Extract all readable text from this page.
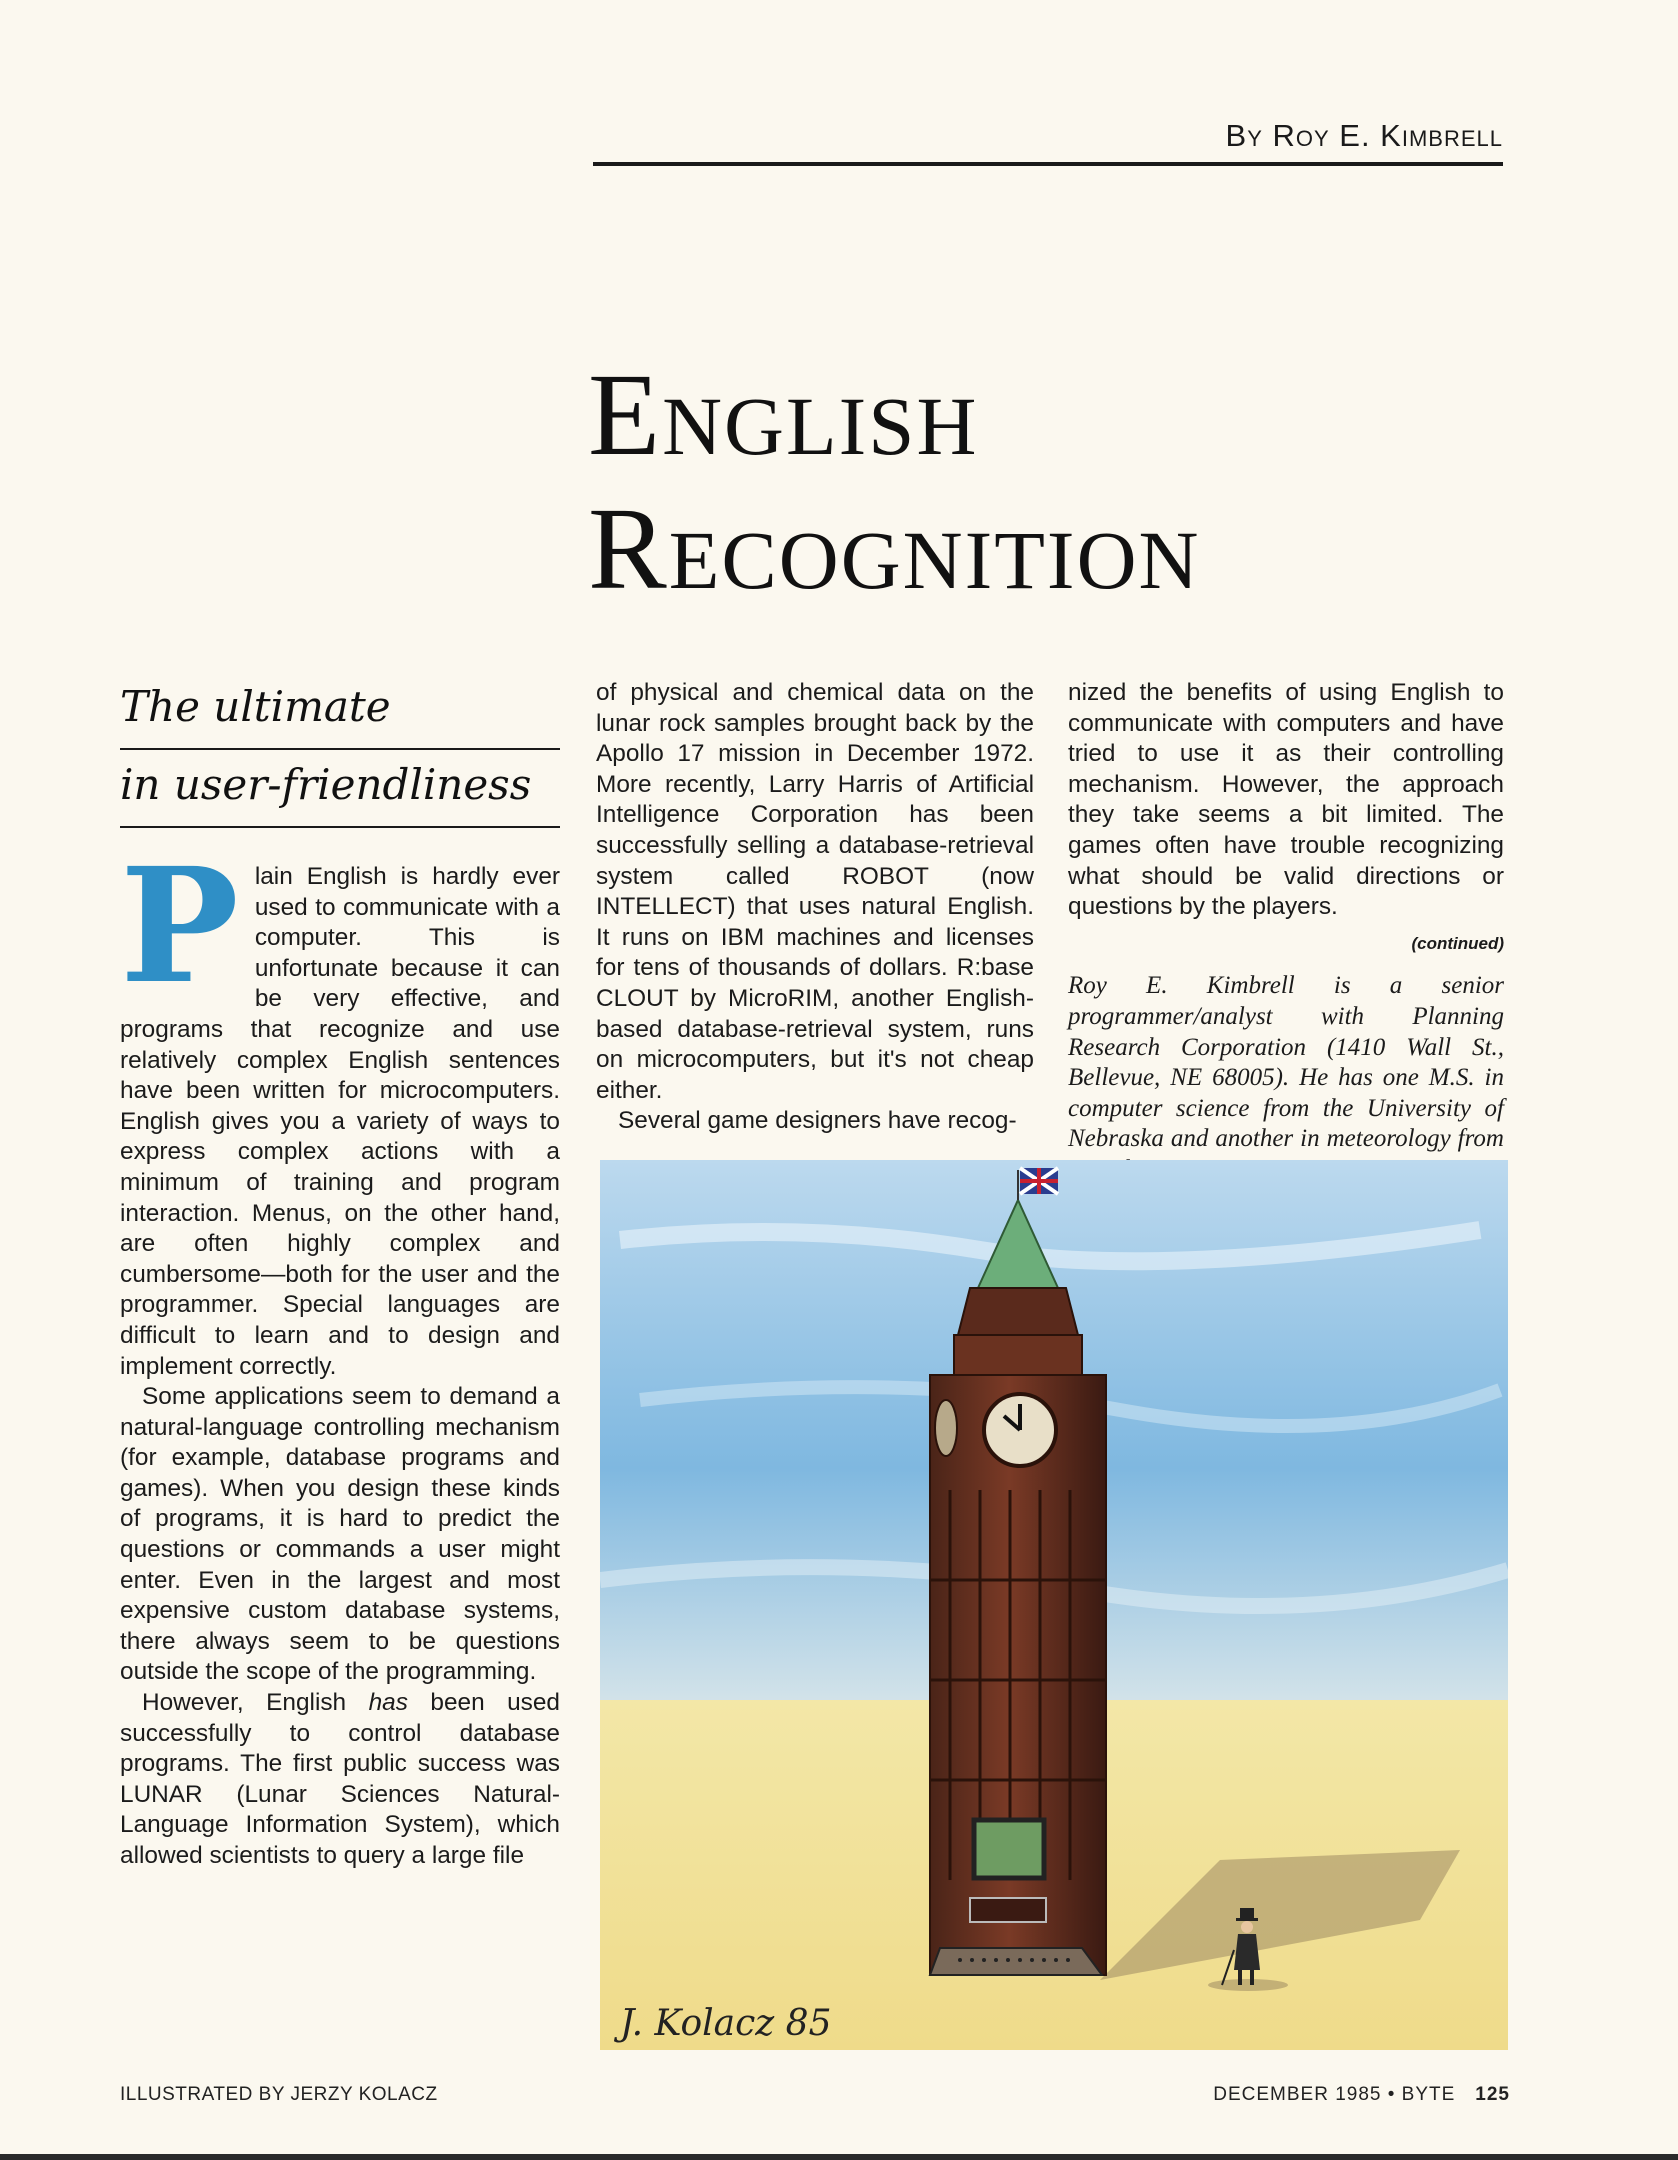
By Roy E. Kimbrell
English
Recognition
The ultimate
in user-friendliness

Plain English is hardly ever used to communicate with a computer. This is unfortunate because it can be very effective, and programs that recognize and use relatively complex English sentences have been written for microcomputers. English gives you a variety of ways to express complex actions with a minimum of training and program interaction. Menus, on the other hand, are often highly complex and cumbersome—both for the user and the programmer. Special languages are difficult to learn and to design and implement correctly.

Some applications seem to demand a natural-language controlling mechanism (for example, database programs and games). When you design these kinds of programs, it is hard to predict the questions or commands a user might enter. Even in the largest and most expensive custom database systems, there always seem to be questions outside the scope of the programming.

However, English has been used successfully to control database programs. The first public success was LUNAR (Lunar Sciences Natural-Language Information System), which allowed scientists to query a large file

of physical and chemical data on the lunar rock samples brought back by the Apollo 17 mission in December 1972. More recently, Larry Harris of Artificial Intelligence Corporation has been successfully selling a database-retrieval system called ROBOT (now INTELLECT) that uses natural English. It runs on IBM machines and licenses for tens of thousands of dollars. R:base CLOUT by MicroRIM, another English-based database-retrieval system, runs on microcomputers, but it's not cheap either.

Several game designers have recog-

nized the benefits of using English to communicate with computers and have tried to use it as their controlling mechanism. However, the approach they take seems a bit limited. The games often have trouble recognizing what should be valid directions or questions by the players.

(continued)

Roy E. Kimbrell is a senior programmer/analyst with Planning Research Corporation (1410 Wall St., Bellevue, NE 68005). He has one M.S. in computer science from the University of Nebraska and another in meteorology from

J. Kolacz 85
ILLUSTRATED BY JERZY KOLACZ	DECEMBER 1985 • BYTE 125
